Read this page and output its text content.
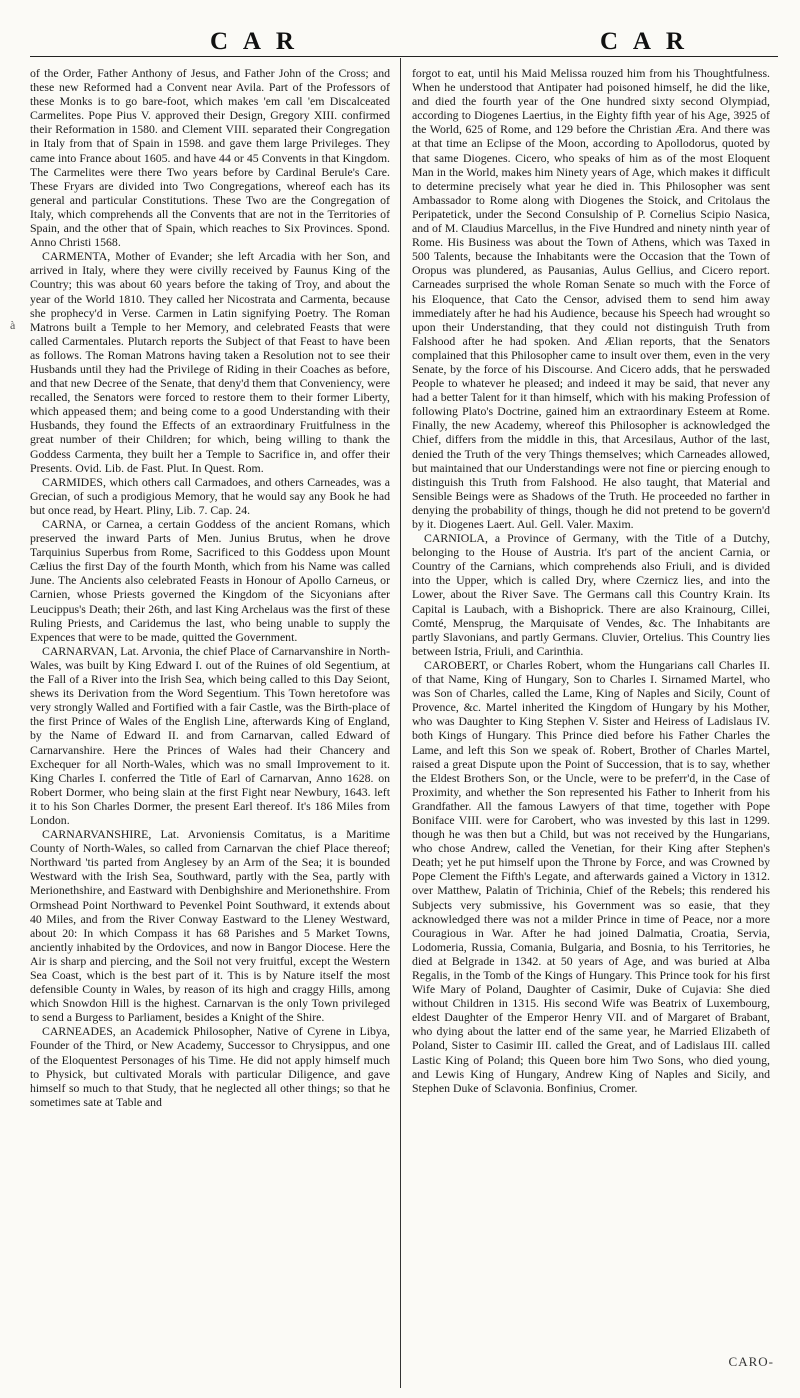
C A R	C A R
à

of the Order, Father Anthony of Jesus, and Father John of the Cross; and these new Reformed had a Convent near Avila. Part of the Professors of these Monks is to go bare-foot, which makes 'em call 'em Discalceated Carmelites. Pope Pius V. approved their Design, Gregory XIII. confirmed their Reformation in 1580. and Clement VIII. separated their Congregation in Italy from that of Spain in 1598. and gave them large Privileges. They came into France about 1605. and have 44 or 45 Convents in that Kingdom. The Carmelites were there Two years before by Cardinal Berule's Care. These Fryars are divided into Two Congregations, whereof each has its general and particular Constitutions. These Two are the Congregation of Italy, which comprehends all the Convents that are not in the Territories of Spain, and the other that of Spain, which reaches to Six Provinces. Spond. Anno Christi 1568.

CARMENTA, Mother of Evander; she left Arcadia with her Son, and arrived in Italy, where they were civilly received by Faunus King of the Country; this was about 60 years before the taking of Troy, and about the year of the World 1810. They called her Nicostrata and Carmenta, because she prophecy'd in Verse. Carmen in Latin signifying Poetry. The Roman Matrons built a Temple to her Memory, and celebrated Feasts that were called Carmentales. Plutarch reports the Subject of that Feast to have been as follows. The Roman Matrons having taken a Resolution not to see their Husbands until they had the Privilege of Riding in their Coaches as before, and that new Decree of the Senate, that deny'd them that Conveniency, were recalled, the Senators were forced to restore them to their former Liberty, which appeased them; and being come to a good Understanding with their Husbands, they found the Effects of an extraordinary Fruitfulness in the great number of their Children; for which, being willing to thank the Goddess Carmenta, they built her a Temple to Sacrifice in, and offer their Presents. Ovid. Lib. de Fast. Plut. In Quest. Rom.

CARMIDES, which others call Carmadoes, and others Carneades, was a Grecian, of such a prodigious Memory, that he would say any Book he had but once read, by Heart. Pliny, Lib. 7. Cap. 24.

CARNA, or Carnea, a certain Goddess of the ancient Romans, which preserved the inward Parts of Men. Junius Brutus, when he drove Tarquinius Superbus from Rome, Sacrificed to this Goddess upon Mount Cælius the first Day of the fourth Month, which from his Name was called June. The Ancients also celebrated Feasts in Honour of Apollo Carneus, or Carnien, whose Priests governed the Kingdom of the Sicyonians after Leucippus's Death; their 26th, and last King Archelaus was the first of these Ruling Priests, and Caridemus the last, who being unable to supply the Expences that were to be made, quitted the Government.

CARNARVAN, Lat. Arvonia, the chief Place of Carnarvanshire in North-Wales, was built by King Edward I. out of the Ruines of old Segentium, at the Fall of a River into the Irish Sea, which being called to this Day Seiont, shews its Derivation from the Word Segentium. This Town heretofore was very strongly Walled and Fortified with a fair Castle, was the Birth-place of the first Prince of Wales of the English Line, afterwards King of England, by the Name of Edward II. and from Carnarvan, called Edward of Carnarvanshire. Here the Princes of Wales had their Chancery and Exchequer for all North-Wales, which was no small Improvement to it. King Charles I. conferred the Title of Earl of Carnarvan, Anno 1628. on Robert Dormer, who being slain at the first Fight near Newbury, 1643. left it to his Son Charles Dormer, the present Earl thereof. It's 186 Miles from London.

CARNARVANSHIRE, Lat. Arvoniensis Comitatus, is a Maritime County of North-Wales, so called from Carnarvan the chief Place thereof; Northward 'tis parted from Anglesey by an Arm of the Sea; it is bounded Westward with the Irish Sea, Southward, partly with the Sea, partly with Merionethshire, and Eastward with Denbighshire and Merionethshire. From Ormshead Point Northward to Pevenkel Point Southward, it extends about 40 Miles, and from the River Conway Eastward to the Lleney Westward, about 20: In which Compass it has 68 Parishes and 5 Market Towns, anciently inhabited by the Ordovices, and now in Bangor Diocese. Here the Air is sharp and piercing, and the Soil not very fruitful, except the Western Sea Coast, which is the best part of it. This is by Nature itself the most defensible County in Wales, by reason of its high and craggy Hills, among which Snowdon Hill is the highest. Carnarvan is the only Town privileged to send a Burgess to Parliament, besides a Knight of the Shire.

CARNEADES, an Academick Philosopher, Native of Cyrene in Libya, Founder of the Third, or New Academy, Successor to Chrysippus, and one of the Eloquentest Personages of his Time. He did not apply himself much to Physick, but cultivated Morals with particular Diligence, and gave himself so much to that Study, that he neglected all other things; so that he sometimes sate at Table and

forgot to eat, until his Maid Melissa rouzed him from his Thoughtfulness. When he understood that Antipater had poisoned himself, he did the like, and died the fourth year of the One hundred sixty second Olympiad, according to Diogenes Laertius, in the Eighty fifth year of his Age, 3925 of the World, 625 of Rome, and 129 before the Christian Æra. And there was at that time an Eclipse of the Moon, according to Apollodorus, quoted by that same Diogenes. Cicero, who speaks of him as of the most Eloquent Man in the World, makes him Ninety years of Age, which makes it difficult to determine precisely what year he died in. This Philosopher was sent Ambassador to Rome along with Diogenes the Stoick, and Critolaus the Peripatetick, under the Second Consulship of P. Cornelius Scipio Nasica, and of M. Claudius Marcellus, in the Five Hundred and ninety ninth year of Rome. His Business was about the Town of Athens, which was Taxed in 500 Talents, because the Inhabitants were the Occasion that the Town of Oropus was plundered, as Pausanias, Aulus Gellius, and Cicero report. Carneades surprised the whole Roman Senate so much with the Force of his Eloquence, that Cato the Censor, advised them to send him away immediately after he had his Audience, because his Speech had wrought so upon their Understanding, that they could not distinguish Truth from Falshood after he had spoken. And Ælian reports, that the Senators complained that this Philosopher came to insult over them, even in the very Senate, by the force of his Discourse. And Cicero adds, that he perswaded People to whatever he pleased; and indeed it may be said, that never any had a better Talent for it than himself, which with his making Profession of following Plato's Doctrine, gained him an extraordinary Esteem at Rome. Finally, the new Academy, whereof this Philosopher is acknowledged the Chief, differs from the middle in this, that Arcesilaus, Author of the last, denied the Truth of the very Things themselves; which Carneades allowed, but maintained that our Understandings were not fine or piercing enough to distinguish this Truth from Falshood. He also taught, that Material and Sensible Beings were as Shadows of the Truth. He proceeded no farther in denying the probability of things, though he did not pretend to be govern'd by it. Diogenes Laert. Aul. Gell. Valer. Maxim.

CARNIOLA, a Province of Germany, with the Title of a Dutchy, belonging to the House of Austria. It's part of the ancient Carnia, or Country of the Carnians, which comprehends also Friuli, and is divided into the Upper, which is called Dry, where Czernicz lies, and into the Lower, about the River Save. The Germans call this Country Krain. Its Capital is Laubach, with a Bishoprick. There are also Krainourg, Cillei, Comté, Mensprug, the Marquisate of Vendes, &c. The Inhabitants are partly Slavonians, and partly Germans. Cluvier, Ortelius. This Country lies between Istria, Friuli, and Carinthia.

CAROBERT, or Charles Robert, whom the Hungarians call Charles II. of that Name, King of Hungary, Son to Charles I. Sirnamed Martel, who was Son of Charles, called the Lame, King of Naples and Sicily, Count of Provence, &c. Martel inherited the Kingdom of Hungary by his Mother, who was Daughter to King Stephen V. Sister and Heiress of Ladislaus IV. both Kings of Hungary. This Prince died before his Father Charles the Lame, and left this Son we speak of. Robert, Brother of Charles Martel, raised a great Dispute upon the Point of Succession, that is to say, whether the Eldest Brothers Son, or the Uncle, were to be preferr'd, in the Case of Proximity, and whether the Son represented his Father to Inherit from his Grandfather. All the famous Lawyers of that time, together with Pope Boniface VIII. were for Carobert, who was invested by this last in 1299. though he was then but a Child, but was not received by the Hungarians, who chose Andrew, called the Venetian, for their King after Stephen's Death; yet he put himself upon the Throne by Force, and was Crowned by Pope Clement the Fifth's Legate, and afterwards gained a Victory in 1312. over Matthew, Palatin of Trichinia, Chief of the Rebels; this rendered his Subjects very submissive, his Government was so easie, that they acknowledged there was not a milder Prince in time of Peace, nor a more Couragious in War. After he had joined Dalmatia, Croatia, Servia, Lodomeria, Russia, Comania, Bulgaria, and Bosnia, to his Territories, he died at Belgrade in 1342. at 50 years of Age, and was buried at Alba Regalis, in the Tomb of the Kings of Hungary. This Prince took for his first Wife Mary of Poland, Daughter of Casimir, Duke of Cujavia: She died without Children in 1315. His second Wife was Beatrix of Luxembourg, eldest Daughter of the Emperor Henry VII. and of Margaret of Brabant, who dying about the latter end of the same year, he Married Elizabeth of Poland, Sister to Casimir III. called the Great, and of Ladislaus III. called Lastic King of Poland; this Queen bore him Two Sons, who died young, and Lewis King of Hungary, Andrew King of Naples and Sicily, and Stephen Duke of Sclavonia. Bonfinius, Cromer.

CARO-
